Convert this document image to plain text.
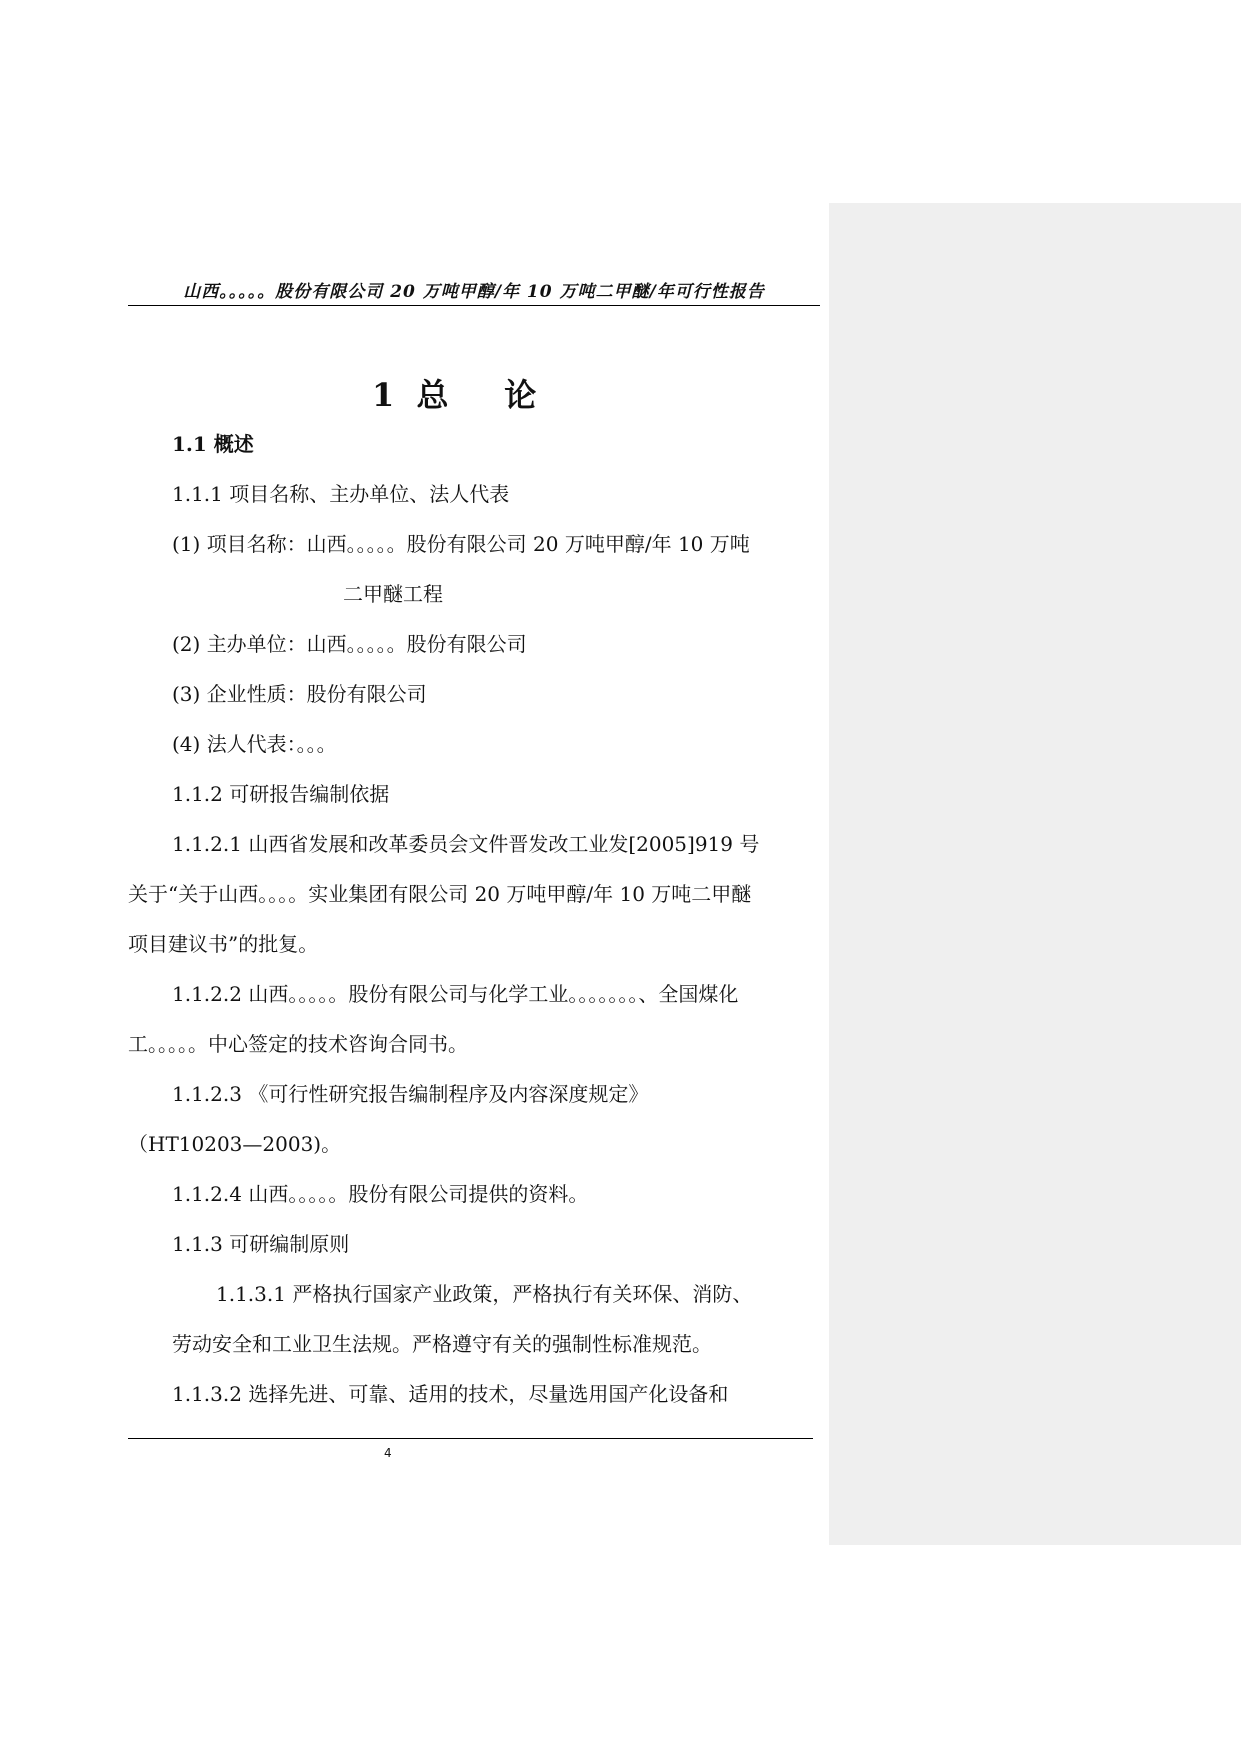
山西。。。。。股份有限公司 20 万吨甲醇/年 10 万吨二甲醚/年可行性报告
1  总     论
1.1 概述
1.1.1 项目名称、主办单位、法人代表
(1) 项目名称：山西。。。。。股份有限公司 20 万吨甲醇/年 10 万吨
二甲醚工程
(2) 主办单位：山西。。。。。股份有限公司
(3) 企业性质：股份有限公司
(4) 法人代表：。。。
1.1.2 可研报告编制依据
1.1.2.1 山西省发展和改革委员会文件晋发改工业发[2005]919 号
关于“关于山西。。。。实业集团有限公司 20 万吨甲醇/年 10 万吨二甲醚
项目建议书”的批复。
1.1.2.2 山西。。。。。股份有限公司与化学工业。。。。。。。、全国煤化
工。。。。。中心签定的技术咨询合同书。
1.1.2.3 《可行性研究报告编制程序及内容深度规定》
（HT10203—2003)。
1.1.2.4 山西。。。。。股份有限公司提供的资料。
1.1.3 可研编制原则
1.1.3.1 严格执行国家产业政策，严格执行有关环保、消防、
劳动安全和工业卫生法规。严格遵守有关的强制性标准规范。
1.1.3.2 选择先进、可靠、适用的技术，尽量选用国产化设备和
4
